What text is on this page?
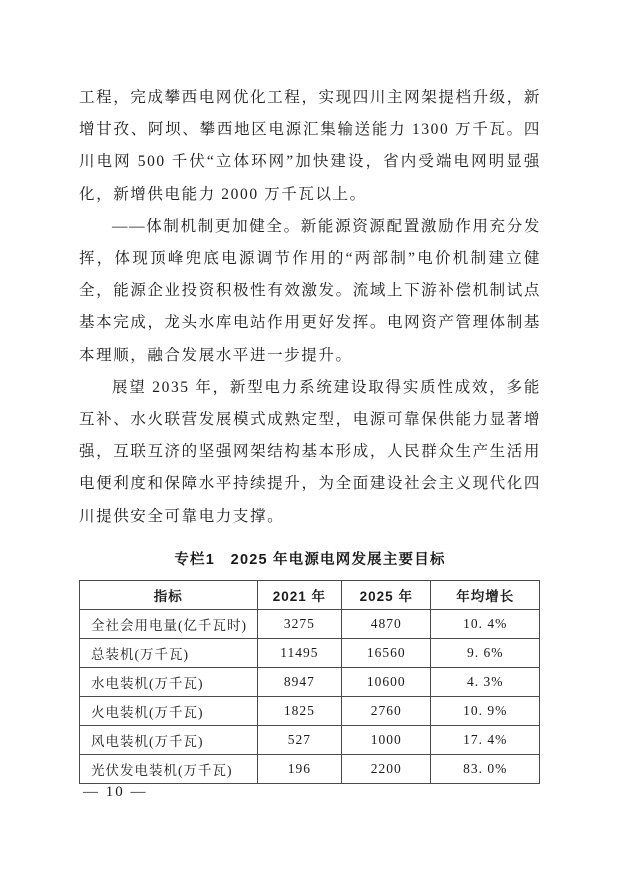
工程，完成攀西电网优化工程，实现四川主网架提档升级，新增甘孜、阿坝、攀西地区电源汇集输送能力 1300 万千瓦。四川电网 500 千伏“立体环网”加快建设，省内受端电网明显强化，新增供电能力 2000 万千瓦以上。

——体制机制更加健全。新能源资源配置激励作用充分发挥，体现顶峰兜底电源调节作用的“两部制”电价机制建立健全，能源企业投资积极性有效激发。流域上下游补偿机制试点基本完成，龙头水库电站作用更好发挥。电网资产管理体制基本理顺，融合发展水平进一步提升。

展望 2035 年，新型电力系统建设取得实质性成效，多能互补、水火联营发展模式成熟定型，电源可靠保供能力显著增强，互联互济的坚强网架结构基本形成，人民群众生产生活用电便利度和保障水平持续提升，为全面建设社会主义现代化四川提供安全可靠电力支撑。

专栏1　2025 年电源电网发展主要目标
指标	2021 年	2025 年	年均增长
全社会用电量(亿千瓦时)	3275	4870	10. 4%
总装机(万千瓦)	11495	16560	9. 6%
水电装机(万千瓦)	8947	10600	4. 3%
火电装机(万千瓦)	1825	2760	10. 9%
风电装机(万千瓦)	527	1000	17. 4%
光伏发电装机(万千瓦)	196	2200	83. 0%
— 10 —
